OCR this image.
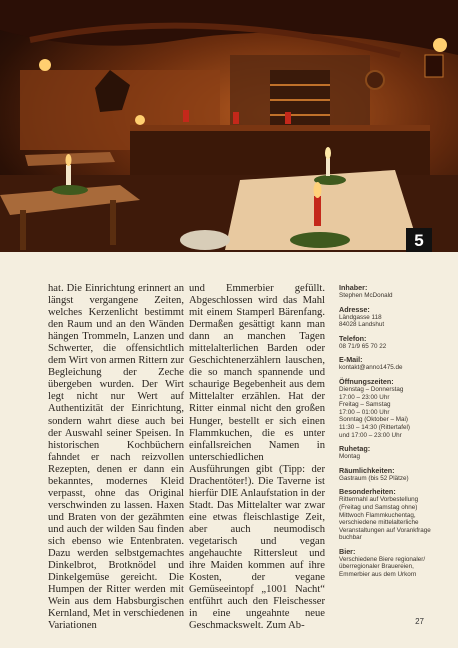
5

hat. Die Einrichtung erinnert an längst vergangene Zeiten, welches Kerzenlicht bestimmt den Raum und an den Wänden hängen Trommeln, Lanzen und Schwerter, die offensichtlich dem Wirt von armen Rittern zur Begleichung der Zeche übergeben wurden. Der Wirt legt nicht nur Wert auf Authentizität der Einrichtung, sondern wahrt diese auch bei der Auswahl seiner Speisen. In historischen Kochbüchern fahndet er nach reizvollen Rezepten, denen er dann ein bekanntes, modernes Kleid verpasst, ohne das Original verschwinden zu lassen. Haxen und Braten von der gezähmten und auch der wilden Sau finden sich ebenso wie Entenbraten. Dazu werden selbstgemachtes Dinkelbrot, Brotknödel und Dinkelgemüse gereicht. Die Humpen der Ritter werden mit Wein aus dem Habsburgischen Kernland, Met in verschiedenen Variationen

und Emmerbier gefüllt. Abgeschlossen wird das Mahl mit einem Stamperl Bärenfang. Dermaßen gesättigt kann man dann an manchen Tagen mittelalterlichen Barden oder Geschichtenerzählern lauschen, die so manch spannende und schaurige Begebenheit aus dem Mittelalter erzählen. Hat der Ritter einmal nicht den großen Hunger, bestellt er sich einen Flammkuchen, die es unter einfallsreichen Namen in unterschiedlichen Ausführungen gibt (Tipp: der Drachentöter!). Die Taverne ist hierfür DIE Anlaufstation in der Stadt. Das Mittelalter war zwar eine etwas fleischlastige Zeit, aber auch neumodisch vegetarisch und vegan angehauchte Rittersleut und ihre Maiden kommen auf ihre Kosten, der vegane Gemüseeintopf „1001 Nacht“ entführt auch den Fleischesser in eine ungeahnte neue Geschmackswelt. Zum Ab-

Inhaber:
Stephen McDonald
Adresse:
Ländgasse 118
84028 Landshut
Telefon:
08 71/9 65 70 22
E-Mail:
kontakt@anno1475.de
Öffnungszeiten:
Dienstag – Donnerstag
17:00 – 23:00 Uhr
Freitag – Samstag
17:00 – 01:00 Uhr
Sonntag (Oktober – Mai)
11:30 – 14:30 (Rittertafel)
und 17:00 – 23:00 Uhr
Ruhetag:
Montag
Räumlichkeiten:
Gastraum (bis 52 Plätze)
Besonderheiten:
Rittermahl auf Vorbestellung
(Freitag und Samstag ohne)
Mittwoch Flammkuchentag,
verschiedene mittelalterliche
Veranstaltungen auf Vorankfrage
buchbar
Bier:
Verschiedene Biere regionaler/
überregionaler Brauereien,
Emmerbier aus dem Urkorn
27
